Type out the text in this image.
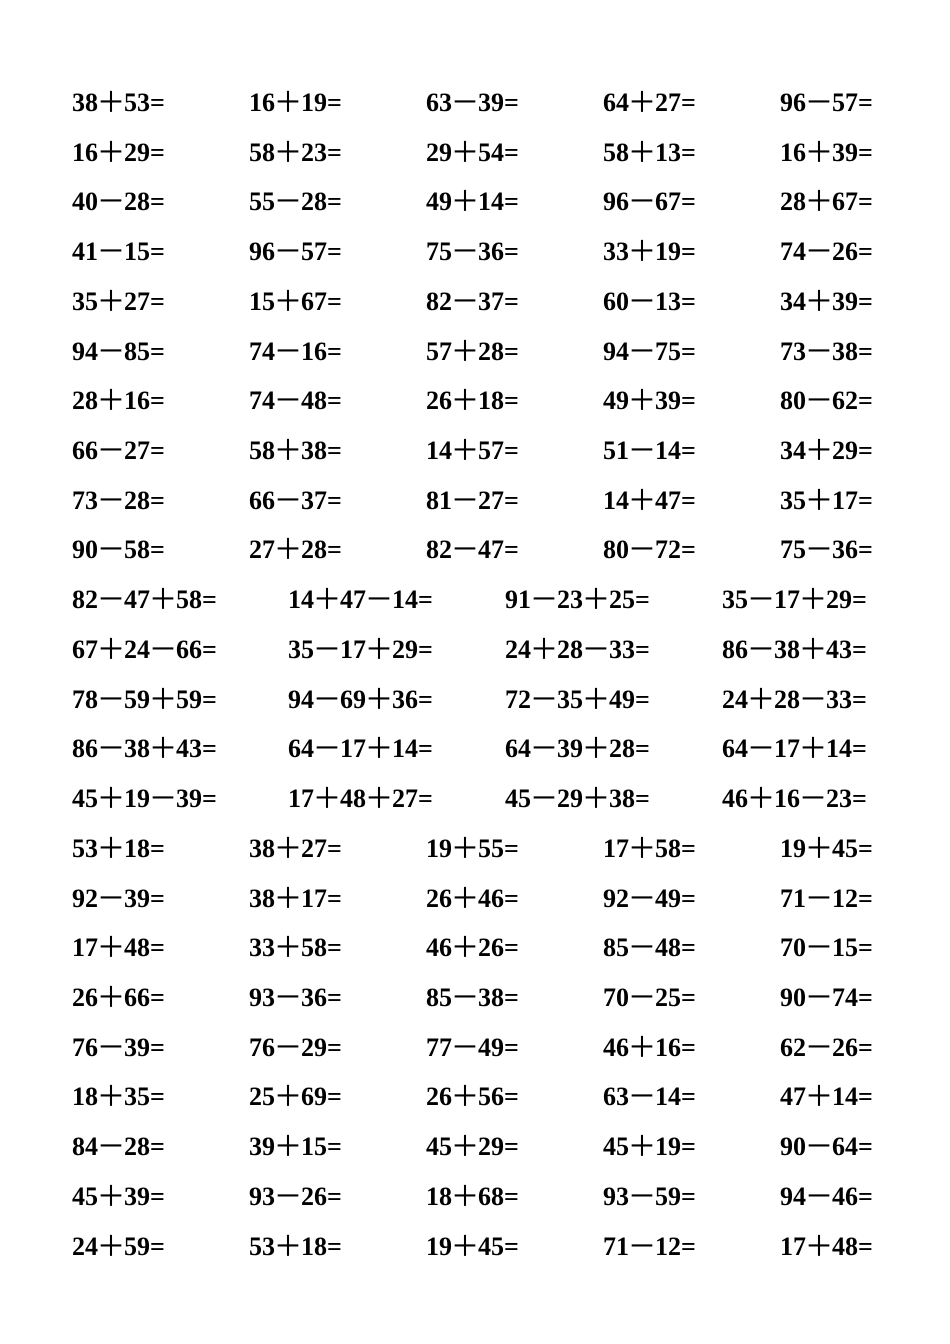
38＋53=	16＋19=	63－39=	64＋27=	96－57=
16＋29=	58＋23=	29＋54=	58＋13=	16＋39=
40－28=	55－28=	49＋14=	96－67=	28＋67=
41－15=	96－57=	75－36=	33＋19=	74－26=
35＋27=	15＋67=	82－37=	60－13=	34＋39=
94－85=	74－16=	57＋28=	94－75=	73－38=
28＋16=	74－48=	26＋18=	49＋39=	80－62=
66－27=	58＋38=	14＋57=	51－14=	34＋29=
73－28=	66－37=	81－27=	14＋47=	35＋17=
90－58=	27＋28=	82－47=	80－72=	75－36=
82－47＋58=	14＋47－14=	91－23＋25=	35－17＋29=
67＋24－66=	35－17＋29=	24＋28－33=	86－38＋43=
78－59＋59=	94－69＋36=	72－35＋49=	24＋28－33=
86－38＋43=	64－17＋14=	64－39＋28=	64－17＋14=
45＋19－39=	17＋48＋27=	45－29＋38=	46＋16－23=
53＋18=	38＋27=	19＋55=	17＋58=	19＋45=
92－39=	38＋17=	26＋46=	92－49=	71－12=
17＋48=	33＋58=	46＋26=	85－48=	70－15=
26＋66=	93－36=	85－38=	70－25=	90－74=
76－39=	76－29=	77－49=	46＋16=	62－26=
18＋35=	25＋69=	26＋56=	63－14=	47＋14=
84－28=	39＋15=	45＋29=	45＋19=	90－64=
45＋39=	93－26=	18＋68=	93－59=	94－46=
24＋59=	53＋18=	19＋45=	71－12=	17＋48=
